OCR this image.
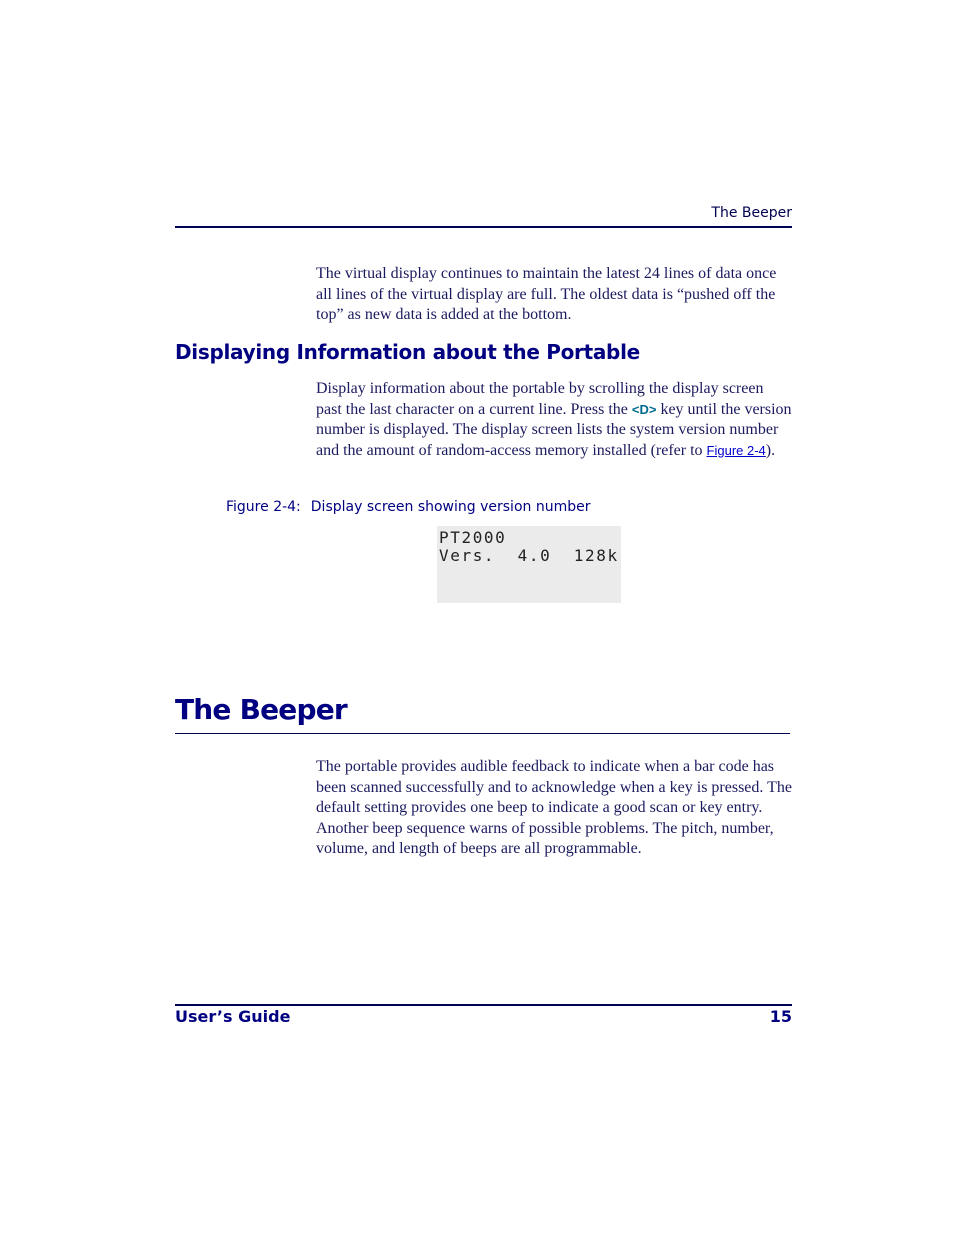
The Beeper

The virtual display continues to maintain the latest 24 lines of data once all lines of the virtual display are full. The oldest data is “pushed off the top” as new data is added at the bottom.

Displaying Information about the Portable

Display information about the portable by scrolling the display screen past the last character on a current line. Press the <D> key until the version number is displayed. The display screen lists the system version number and the amount of random-access memory installed (refer to Figure 2-4).

Figure 2-4: Display screen showing version number
PT2000
Vers.  4.0  128k
The Beeper

The portable provides audible feedback to indicate when a bar code has been scanned successfully and to acknowledge when a key is pressed. The default setting provides one beep to indicate a good scan or key entry. Another beep sequence warns of possible problems. The pitch, number, volume, and length of beeps are all programmable.

User’s Guide	15
